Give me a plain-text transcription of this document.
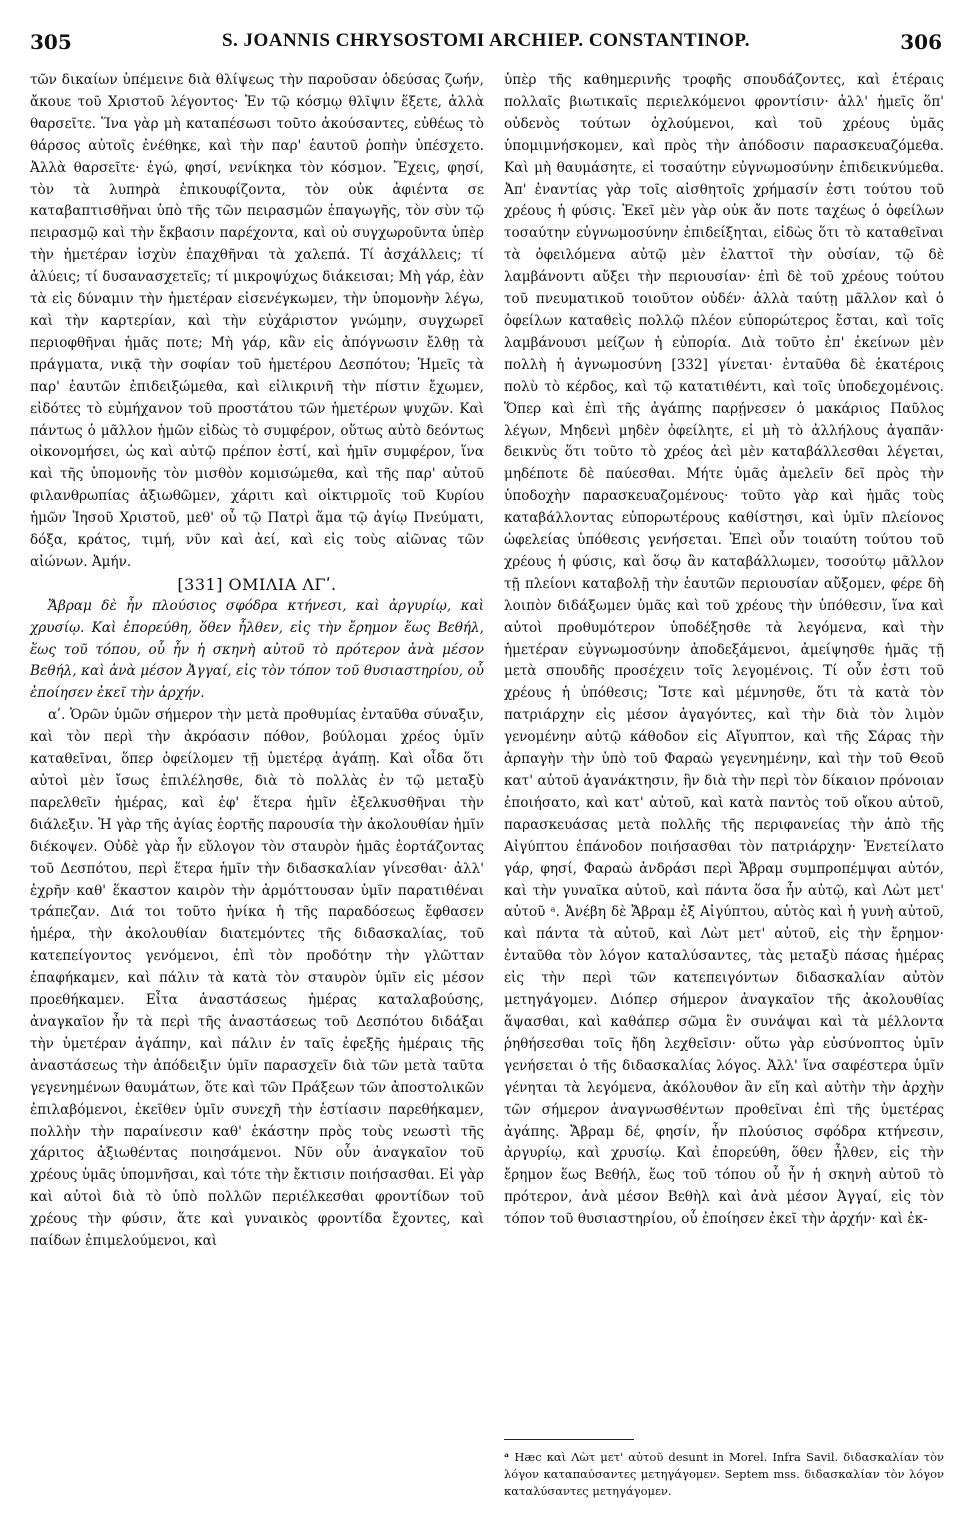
305	S. JOANNIS CHRYSOSTOMI ARCHIEP. CONSTANTINOP.	306

τῶν δικαίων ὑπέμεινε διὰ θλίψεως τὴν παροῦσαν ὁδεύσας ζωήν, ἄκουε τοῦ Χριστοῦ λέγοντος· Ἐν τῷ κόσμῳ θλῖψιν ἕξετε, ἀλλὰ θαρσεῖτε. Ἵνα γὰρ μὴ καταπέσωσι τοῦτο ἀκούσαντες, εὐθέως τὸ θάρσος αὐτοῖς ἐνέθηκε, καὶ τὴν παρ' ἑαυτοῦ ῥοπὴν ὑπέσχετο. Ἀλλὰ θαρσεῖτε· ἐγώ, φησί, νενίκηκα τὸν κόσμον. Ἔχεις, φησί, τὸν τὰ λυπηρὰ ἐπικουφίζοντα, τὸν οὐκ ἀφιέντα σε καταβαπτισθῆναι ὑπὸ τῆς τῶν πειρασμῶν ἐπαγωγῆς, τὸν σὺν τῷ πειρασμῷ καὶ τὴν ἔκβασιν παρέχοντα, καὶ οὐ συγχωροῦντα ὑπὲρ τὴν ἡμετέραν ἰσχὺν ἐπαχθῆναι τὰ χαλεπά. Τί ἀσχάλλεις; τί ἀλύεις; τί δυσανασχετεῖς; τί μικροψύχως διάκεισαι; Μὴ γάρ, ἐὰν τὰ εἰς δύναμιν τὴν ἡμετέραν εἰσενέγκωμεν, τὴν ὑπομονὴν λέγω, καὶ τὴν καρτερίαν, καὶ τὴν εὐχάριστον γνώμην, συγχωρεῖ περιοφθῆναι ἡμᾶς ποτε; Μὴ γάρ, κἂν εἰς ἀπόγνωσιν ἔλθῃ τὰ πράγματα, νικᾷ τὴν σοφίαν τοῦ ἡμετέρου Δεσπότου; Ἡμεῖς τὰ παρ' ἑαυτῶν ἐπιδειξώμεθα, καὶ εἰλικρινῆ τὴν πίστιν ἔχωμεν, εἰδότες τὸ εὐμήχανον τοῦ προστάτου τῶν ἡμετέρων ψυχῶν. Καὶ πάντως ὁ μᾶλλον ἡμῶν εἰδὼς τὸ συμφέρον, οὕτως αὐτὸ δεόντως οἰκονομήσει, ὡς καὶ αὐτῷ πρέπον ἐστί, καὶ ἡμῖν συμφέρον, ἵνα καὶ τῆς ὑπομονῆς τὸν μισθὸν κομισώμεθα, καὶ τῆς παρ' αὐτοῦ φιλανθρωπίας ἀξιωθῶμεν, χάριτι καὶ οἰκτιρμοῖς τοῦ Κυρίου ἡμῶν Ἰησοῦ Χριστοῦ, μεθ' οὗ τῷ Πατρὶ ἅμα τῷ ἁγίῳ Πνεύματι, δόξα, κράτος, τιμή, νῦν καὶ ἀεί, καὶ εἰς τοὺς αἰῶνας τῶν αἰώνων. Ἀμήν.

[331] ΟΜΙΛΙΑ ΛΓʹ.

Ἄβραμ δὲ ἦν πλούσιος σφόδρα κτήνεσι, καὶ ἀργυρίῳ, καὶ χρυσίῳ. Καὶ ἐπορεύθη, ὅθεν ἦλθεν, εἰς τὴν ἔρημον ἕως Βεθήλ, ἕως τοῦ τόπου, οὗ ἦν ἡ σκηνὴ αὐτοῦ τὸ πρότερον ἀνὰ μέσον Βεθήλ, καὶ ἀνὰ μέσον Ἀγγαί, εἰς τὸν τόπον τοῦ θυσιαστηρίου, οὗ ἐποίησεν ἐκεῖ τὴν ἀρχήν.

αʹ. Ὁρῶν ὑμῶν σήμερον τὴν μετὰ προθυμίας ἐνταῦθα σύναξιν, καὶ τὸν περὶ τὴν ἀκρόασιν πόθον, βούλομαι χρέος ὑμῖν καταθεῖναι, ὅπερ ὀφείλομεν τῇ ὑμετέρᾳ ἀγάπῃ. Καὶ οἶδα ὅτι αὐτοὶ μὲν ἴσως ἐπιλέλησθε, διὰ τὸ πολλὰς ἐν τῷ μεταξὺ παρελθεῖν ἡμέρας, καὶ ἐφ' ἕτερα ἡμῖν ἐξελκυσθῆναι τὴν διάλεξιν. Ἡ γὰρ τῆς ἁγίας ἑορτῆς παρουσία τὴν ἀκολουθίαν ἡμῖν διέκοψεν. Οὐδὲ γὰρ ἦν εὔλογον τὸν σταυρὸν ἡμᾶς ἑορτάζοντας τοῦ Δεσπότου, περὶ ἕτερα ἡμῖν τὴν διδασκαλίαν γίνεσθαι· ἀλλ' ἐχρῆν καθ' ἕκαστον καιρὸν τὴν ἁρμόττουσαν ὑμῖν παρατιθέναι τράπεζαν. Διά τοι τοῦτο ἡνίκα ἡ τῆς παραδόσεως ἔφθασεν ἡμέρα, τὴν ἀκολουθίαν διατεμόντες τῆς διδασκαλίας, τοῦ κατεπείγοντος γενόμενοι, ἐπὶ τὸν προδότην τὴν γλῶτταν ἐπαφήκαμεν, καὶ πάλιν τὰ κατὰ τὸν σταυρὸν ὑμῖν εἰς μέσον προεθήκαμεν. Εἶτα ἀναστάσεως ἡμέρας καταλαβούσης, ἀναγκαῖον ἦν τὰ περὶ τῆς ἀναστάσεως τοῦ Δεσπότου διδάξαι τὴν ὑμετέραν ἀγάπην, καὶ πάλιν ἐν ταῖς ἐφεξῆς ἡμέραις τῆς ἀναστάσεως τὴν ἀπόδειξιν ὑμῖν παρασχεῖν διὰ τῶν μετὰ ταῦτα γεγενημένων θαυμάτων, ὅτε καὶ τῶν Πράξεων τῶν ἀποστολικῶν ἐπιλαβόμενοι, ἐκεῖθεν ὑμῖν συνεχῆ τὴν ἑστίασιν παρεθήκαμεν, πολλὴν τὴν παραίνεσιν καθ' ἑκάστην πρὸς τοὺς νεωστὶ τῆς χάριτος ἀξιωθέντας ποιησάμενοι. Νῦν οὖν ἀναγκαῖον τοῦ χρέους ὑμᾶς ὑπομνῆσαι, καὶ τότε τὴν ἔκτισιν ποιήσασθαι. Εἰ γὰρ καὶ αὐτοὶ διὰ τὸ ὑπὸ πολλῶν περιέλκεσθαι φροντίδων τοῦ χρέους τὴν φύσιν, ἅτε καὶ γυναικὸς φροντίδα ἔχοντες, καὶ παίδων ἐπιμελούμενοι, καὶ

ὑπὲρ τῆς καθημερινῆς τροφῆς σπουδάζοντες, καὶ ἑτέραις πολλαῖς βιωτικαῖς περιελκόμενοι φροντίσιν· ἀλλ' ἡμεῖς ὅπ' οὐδενὸς τούτων ὀχλούμενοι, καὶ τοῦ χρέους ὑμᾶς ὑπομιμνήσκομεν, καὶ πρὸς τὴν ἀπόδοσιν παρασκευαζόμεθα. Καὶ μὴ θαυμάσητε, εἰ τοσαύτην εὐγνωμοσύνην ἐπιδεικνύμεθα. Ἀπ' ἐναντίας γὰρ τοῖς αἰσθητοῖς χρήμασίν ἐστι τούτου τοῦ χρέους ἡ φύσις. Ἐκεῖ μὲν γὰρ οὐκ ἄν ποτε ταχέως ὁ ὀφείλων τοσαύτην εὐγνωμοσύνην ἐπιδείξηται, εἰδὼς ὅτι τὸ καταθεῖναι τὰ ὀφειλόμενα αὐτῷ μὲν ἐλαττοῖ τὴν οὐσίαν, τῷ δὲ λαμβάνοντι αὔξει τὴν περιουσίαν· ἐπὶ δὲ τοῦ χρέους τούτου τοῦ πνευματικοῦ τοιοῦτον οὐδέν· ἀλλὰ ταύτῃ μᾶλλον καὶ ὁ ὀφείλων καταθεὶς πολλῷ πλέον εὐπορώτερος ἔσται, καὶ τοῖς λαμβάνουσι μείζων ἡ εὐπορία. Διὰ τοῦτο ἐπ' ἐκείνων μὲν πολλὴ ἡ ἀγνωμοσύνη [332] γίνεται· ἐνταῦθα δὲ ἑκατέροις πολὺ τὸ κέρδος, καὶ τῷ κατατιθέντι, καὶ τοῖς ὑποδεχομένοις. Ὅπερ καὶ ἐπὶ τῆς ἀγάπης παρῄνεσεν ὁ μακάριος Παῦλος λέγων, Μηδενὶ μηδὲν ὀφείλητε, εἰ μὴ τὸ ἀλλήλους ἀγαπᾶν· δεικνὺς ὅτι τοῦτο τὸ χρέος ἀεὶ μὲν καταβάλλεσθαι λέγεται, μηδέποτε δὲ παύεσθαι. Μήτε ὑμᾶς ἀμελεῖν δεῖ πρὸς τὴν ὑποδοχὴν παρασκευαζομένους· τοῦτο γὰρ καὶ ἡμᾶς τοὺς καταβάλλοντας εὐπορωτέρους καθίστησι, καὶ ὑμῖν πλείονος ὠφελείας ὑπόθεσις γενήσεται. Ἐπεὶ οὖν τοιαύτη τούτου τοῦ χρέους ἡ φύσις, καὶ ὅσῳ ἂν καταβάλλωμεν, τοσούτῳ μᾶλλον τῇ πλείονι καταβολῇ τὴν ἑαυτῶν περιουσίαν αὔξομεν, φέρε δὴ λοιπὸν διδάξωμεν ὑμᾶς καὶ τοῦ χρέους τὴν ὑπόθεσιν, ἵνα καὶ αὐτοὶ προθυμότερον ὑποδέξησθε τὰ λεγόμενα, καὶ τὴν ἡμετέραν εὐγνωμοσύνην ἀποδεξάμενοι, ἀμείψησθε ἡμᾶς τῇ μετὰ σπουδῆς προσέχειν τοῖς λεγομένοις. Τί οὖν ἐστι τοῦ χρέους ἡ ὑπόθεσις; Ἴστε καὶ μέμνησθε, ὅτι τὰ κατὰ τὸν πατριάρχην εἰς μέσον ἀγαγόντες, καὶ τὴν διὰ τὸν λιμὸν γενομένην αὐτῷ κάθοδον εἰς Αἴγυπτον, καὶ τῆς Σάρας τὴν ἁρπαγὴν τὴν ὑπὸ τοῦ Φαραὼ γεγενημένην, καὶ τὴν τοῦ Θεοῦ κατ' αὐτοῦ ἀγανάκτησιν, ἣν διὰ τὴν περὶ τὸν δίκαιον πρόνοιαν ἐποιήσατο, καὶ κατ' αὐτοῦ, καὶ κατὰ παντὸς τοῦ οἴκου αὐτοῦ, παρασκευάσας μετὰ πολλῆς τῆς περιφανείας τὴν ἀπὸ τῆς Αἰγύπτου ἐπάνοδον ποιήσασθαι τὸν πατριάρχην· Ἐνετείλατο γάρ, φησί, Φαραὼ ἀνδράσι περὶ Ἄβραμ συμπροπέμψαι αὐτόν, καὶ τὴν γυναῖκα αὐτοῦ, καὶ πάντα ὅσα ἦν αὐτῷ, καὶ Λὼτ μετ' αὐτοῦ ᵃ. Ἀνέβη δὲ Ἄβραμ ἐξ Αἰγύπτου, αὐτὸς καὶ ἡ γυνὴ αὐτοῦ, καὶ πάντα τὰ αὐτοῦ, καὶ Λὼτ μετ' αὐτοῦ, εἰς τὴν ἔρημον· ἐνταῦθα τὸν λόγον καταλύσαντες, τὰς μεταξὺ πάσας ἡμέρας εἰς τὴν περὶ τῶν κατεπειγόντων διδασκαλίαν αὐτὸν μετηγάγομεν. Διόπερ σήμερον ἀναγκαῖον τῆς ἀκολουθίας ἅψασθαι, καὶ καθάπερ σῶμα ἓν συνάψαι καὶ τὰ μέλλοντα ῥηθήσεσθαι τοῖς ἤδη λεχθεῖσιν· οὕτω γὰρ εὐσύνοπτος ὑμῖν γενήσεται ὁ τῆς διδασκαλίας λόγος. Ἀλλ' ἵνα σαφέστερα ὑμῖν γένηται τὰ λεγόμενα, ἀκόλουθον ἂν εἴη καὶ αὐτὴν τὴν ἀρχὴν τῶν σήμερον ἀναγνωσθέντων προθεῖναι ἐπὶ τῆς ὑμετέρας ἀγάπης. Ἄβραμ δέ, φησίν, ἦν πλούσιος σφόδρα κτήνεσιν, ἀργυρίῳ, καὶ χρυσίῳ. Καὶ ἐπορεύθη, ὅθεν ἦλθεν, εἰς τὴν ἔρημον ἕως Βεθήλ, ἕως τοῦ τόπου οὗ ἦν ἡ σκηνὴ αὐτοῦ τὸ πρότερον, ἀνὰ μέσον Βεθὴλ καὶ ἀνὰ μέσον Ἀγγαί, εἰς τὸν τόπον τοῦ θυσιαστηρίου, οὗ ἐποίησεν ἐκεῖ τὴν ἀρχήν· καὶ ἐκ-

ᵃ Hæc καὶ Λὼτ μετ' αὐτοῦ desunt in Morel. Infra Savil. διδασκαλίαν τὸν λόγον καταπαύσαντες μετηγάγομεν. Septem mss. διδασκαλίαν τὸν λόγον καταλύσαντες μετηγάγομεν.
